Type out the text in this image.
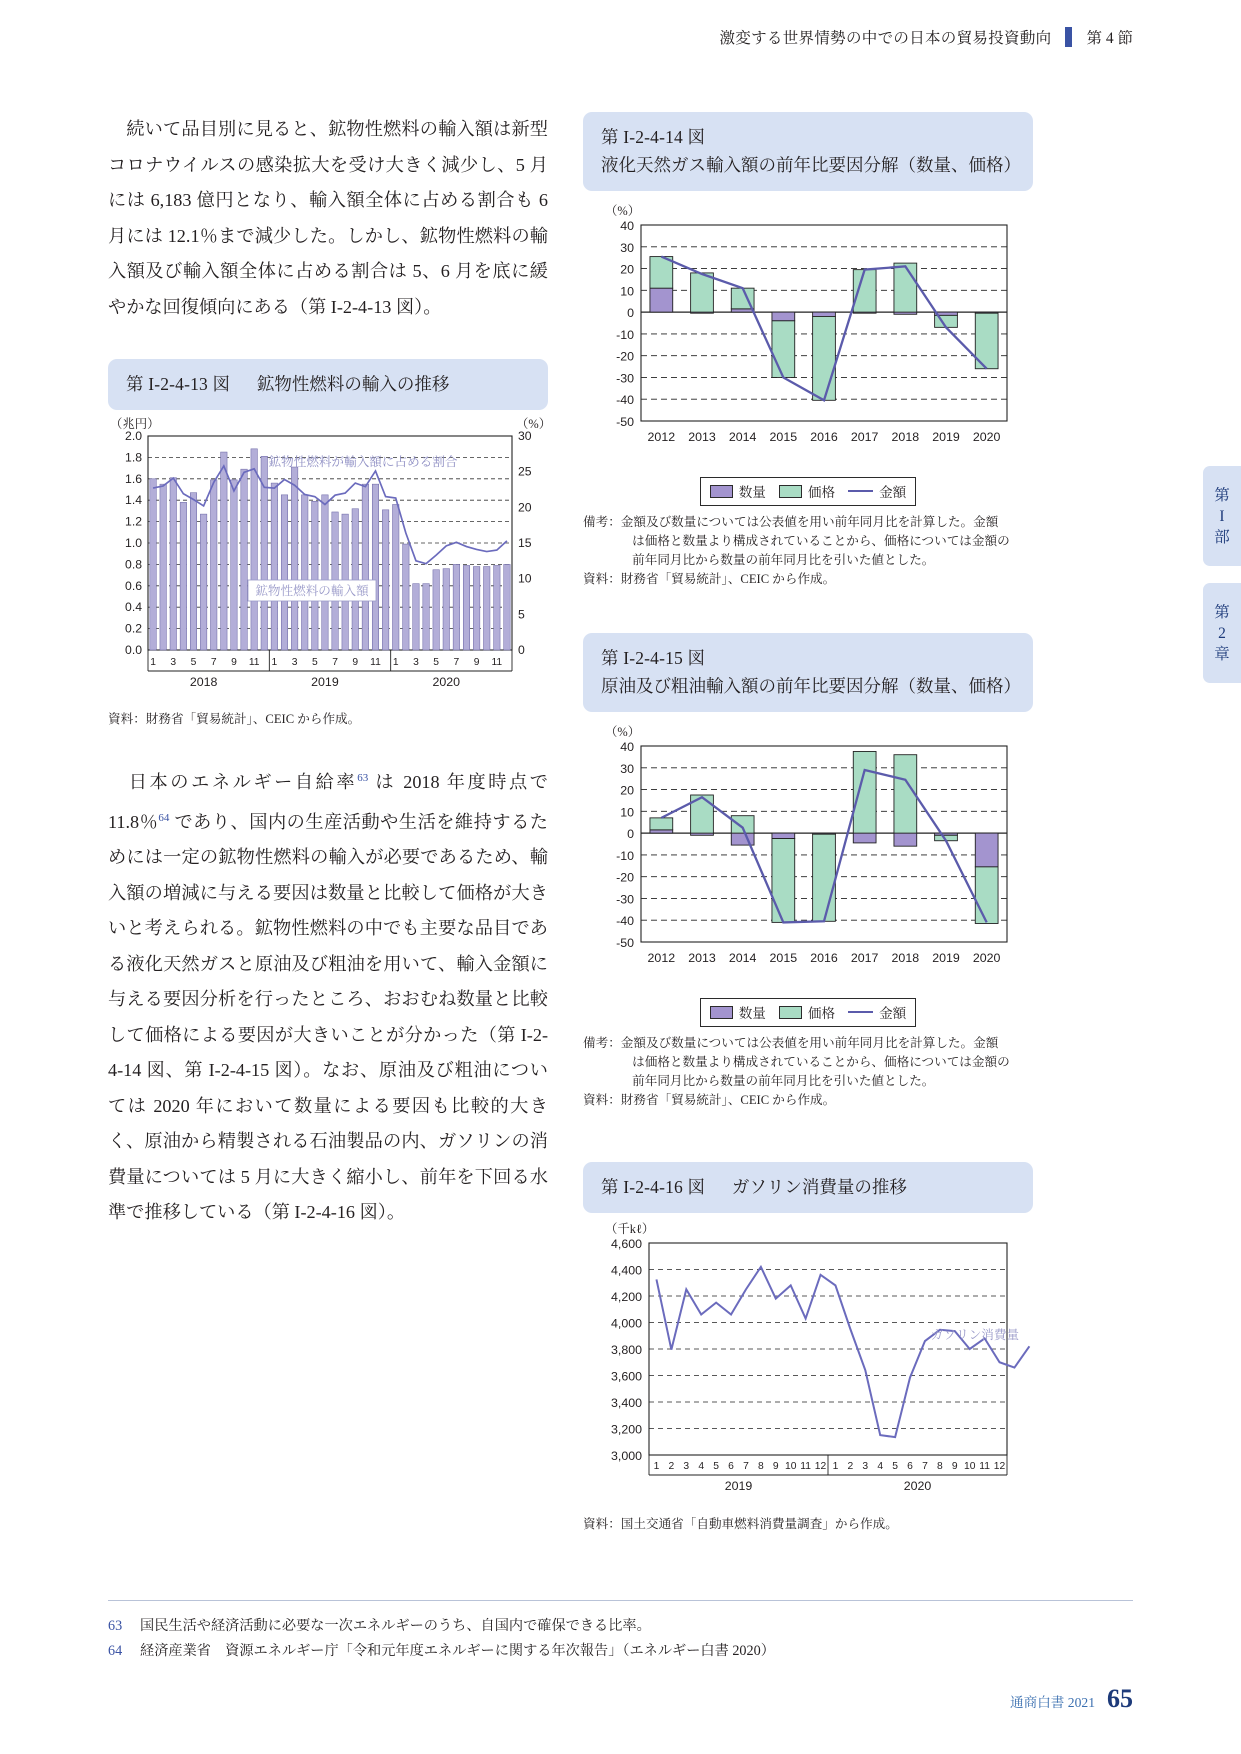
激変する世界情勢の中での日本の貿易投資動向 第 4 節
第
I
部
第
2
章

　続いて品目別に見ると、鉱物性燃料の輸入額は新型コロナウイルスの感染拡大を受け大きく減少し、5 月には 6,183 億円となり、輸入額全体に占める割合も 6 月には 12.1％まで減少した。しかし、鉱物性燃料の輸入額及び輸入額全体に占める割合は 5、6 月を底に緩やかな回復傾向にある（第 I-2-4-13 図）。

第 I-2-4-13 図 鉱物性燃料の輸入の推移
0.0
0.2
0.4
0.6
0.8
1.0
1.2
1.4
1.6
1.8
2.0
0
5
10
15
20
25
30
鉱物性燃料が輸入額に占める割合
鉱物性燃料の輸入額
1 3 5 7 9 11 1 3 5 7 9 11 1 3 5 7 9 11
2018	2019	2020
（兆円）	（%）
資料：財務省「貿易統計」、CEIC から作成。

　日本のエネルギー自給率$^{63}$ は 2018 年度時点で 11.8％$^{64}$ であり、国内の生産活動や生活を維持するためには一定の鉱物性燃料の輸入が必要であるため、輸入額の増減に与える要因は数量と比較して価格が大きいと考えられる。鉱物性燃料の中でも主要な品目である液化天然ガスと原油及び粗油を用いて、輸入金額に与える要因分析を行ったところ、おおむね数量と比較して価格による要因が大きいことが分かった（第 I-2-4-14 図、第 I-2-4-15 図）。なお、原油及び粗油については 2020 年において数量による要因も比較的大きく、原油から精製される石油製品の内、ガソリンの消費量については 5 月に大きく縮小し、前年を下回る水準で推移している（第 I-2-4-16 図）。

第 I-2-4-14 図
液化天然ガス輸入額の前年比要因分解（数量、価格）
40
30
20
10
0
-10
-20
-30
-40
-50
2012 2013 2014 2015 2016 2017 2018 2019 2020
（%）
数量	価格	金額
備考：金額及び数量については公表値を用い前年同月比を計算した。金額
は価格と数量より構成されていることから、価格については金額の
前年同月比から数量の前年同月比を引いた値とした。
資料：財務省「貿易統計」、CEIC から作成。
第 I-2-4-15 図
原油及び粗油輸入額の前年比要因分解（数量、価格）
40
30
20
10
0
-10
-20
-30
-40
-50
2012 2013 2014 2015 2016 2017 2018 2019 2020
（%）
数量	価格	金額
備考：金額及び数量については公表値を用い前年同月比を計算した。金額
は価格と数量より構成されていることから、価格については金額の
前年同月比から数量の前年同月比を引いた値とした。
資料：財務省「貿易統計」、CEIC から作成。
第 I-2-4-16 図 ガソリン消費量の推移
4,600
4,400
4,200
4,000
3,800
3,600
3,400
3,200
3,000
ガソリン消費量
1 2 3 4 5 6 7 8 9 10 11 12 1 2 3 4 5 6 7 8 9 10 11 12
2019	2020
（千kℓ）
資料：国土交通省「自動車燃料消費量調査」から作成。
63	国民生活や経済活動に必要な一次エネルギーのうち、自国内で確保できる比率。
64	経済産業省　資源エネルギー庁「令和元年度エネルギーに関する年次報告」（エネルギー白書 2020）
通商白書 2021 65
